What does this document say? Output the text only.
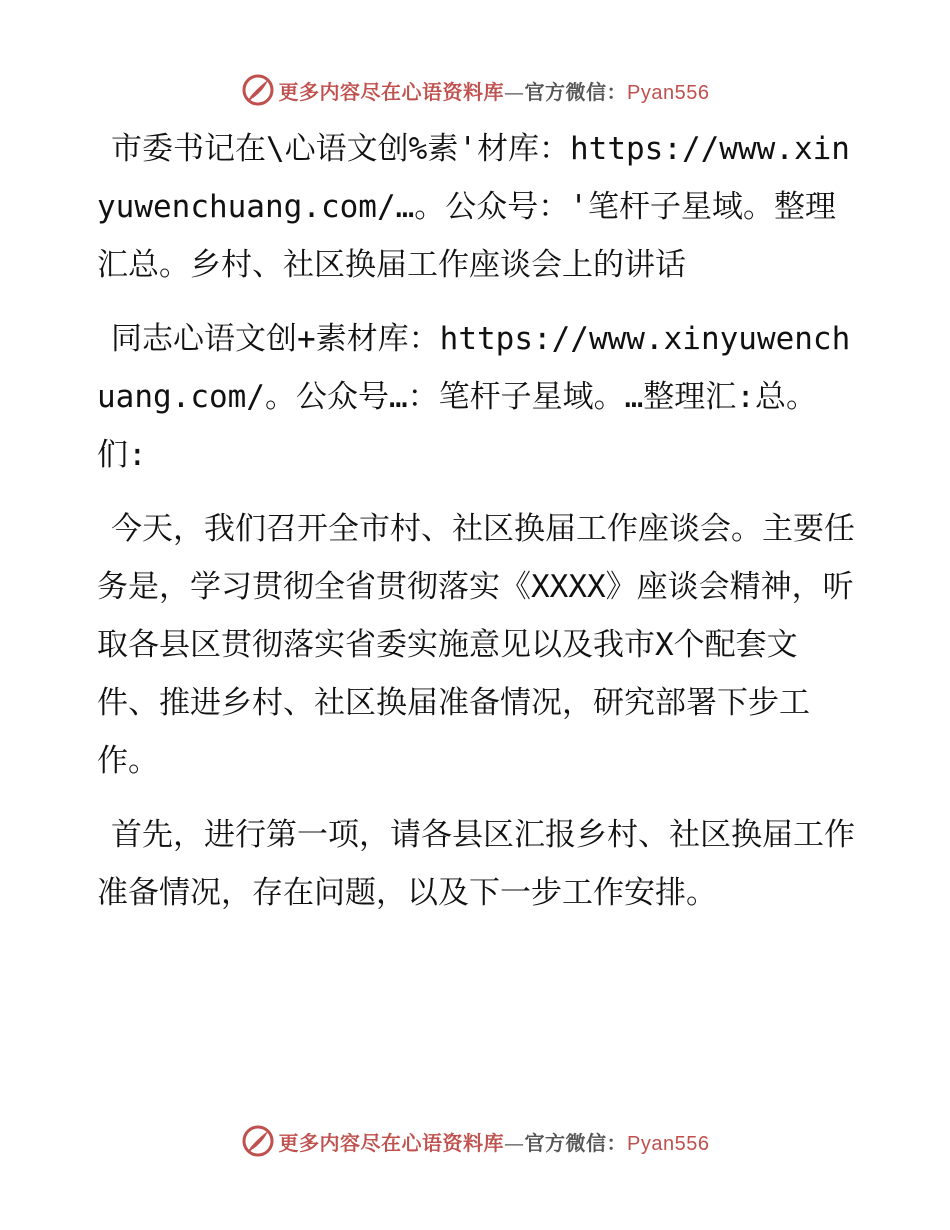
更多内容尽在心语资料库—官方微信：Pyan556

市委书记在\心语文创%素'材库：https://www.xinyuwenchuang.com/…。公众号：'笔杆子星域。整理汇总。乡村、社区换届工作座谈会上的讲话

同志心语文创+素材库：https://www.xinyuwenchuang.com/。公众号…：笔杆子星域。…整理汇:总。们:

今天，我们召开全市村、社区换届工作座谈会。主要任务是，学习贯彻全省贯彻落实《XXXX》座谈会精神，听取各县区贯彻落实省委实施意见以及我市X个配套文件、推进乡村、社区换届准备情况，研究部署下步工作。

首先，进行第一项，请各县区汇报乡村、社区换届工作准备情况，存在问题，以及下一步工作安排。

更多内容尽在心语资料库—官方微信：Pyan556
